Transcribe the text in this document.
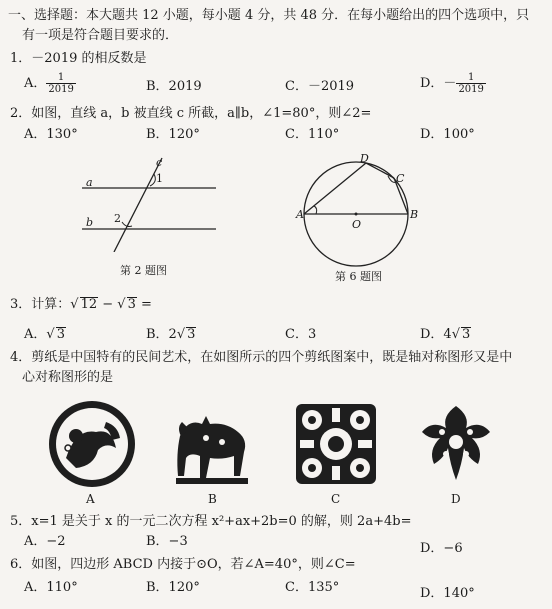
一、选择题：本大题共 12 小题，每小题 4 分，共 48 分．在每小题给出的四个选项中，只
有一项是符合题目要求的．
1．－2019 的相反数是
A． $\frac{1}{2019}$	B．2019	C．－2019	D．－ $\frac{1}{2019}$
2．如图，直线 a，b 被直线 c 所截，a∥b，∠1=80°，则∠2=
A．130°	B．120°	C．110°	D．100°
a
b
c
1
2
第 2 题图
D
C
A	B
O
第 6 题图
3．计算：√ 12 − √ 3 =
A．√ 3	B．2√ 3	C．3	D．4√ 3
4．剪纸是中国特有的民间艺术，在如图所示的四个剪纸图案中，既是轴对称图形又是中
心对称图形的是
A	B	C	D
5．x=1 是关于 x 的一元二次方程 x²+ax+2b=0 的解，则 2a+4b=
A．−2	B．−3	D．−6
6．如图，四边形 ABCD 内接于⊙O，若∠A=40°，则∠C=
A．110°	B．120°	C．135°	D．140°
